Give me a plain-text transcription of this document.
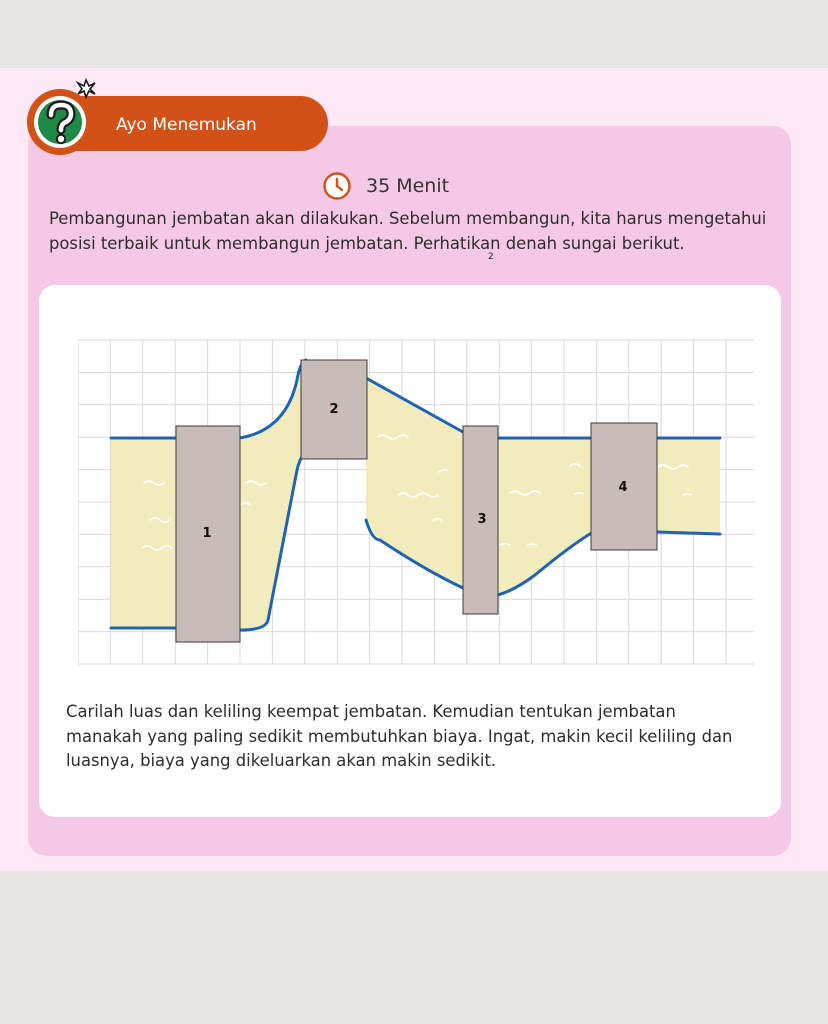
Ayo Menemukan
35 Menit

Pembangunan jembatan akan dilakukan. Sebelum membangun, kita harus mengetahui posisi terbaik untuk membangun jembatan. Perhatikan denah sungai berikut.

2
1
2
3
4

Carilah luas dan keliling keempat jembatan. Kemudian tentukan jembatan manakah yang paling sedikit membutuhkan biaya. Ingat, makin kecil keliling dan luasnya, biaya yang dikeluarkan akan makin sedikit.
